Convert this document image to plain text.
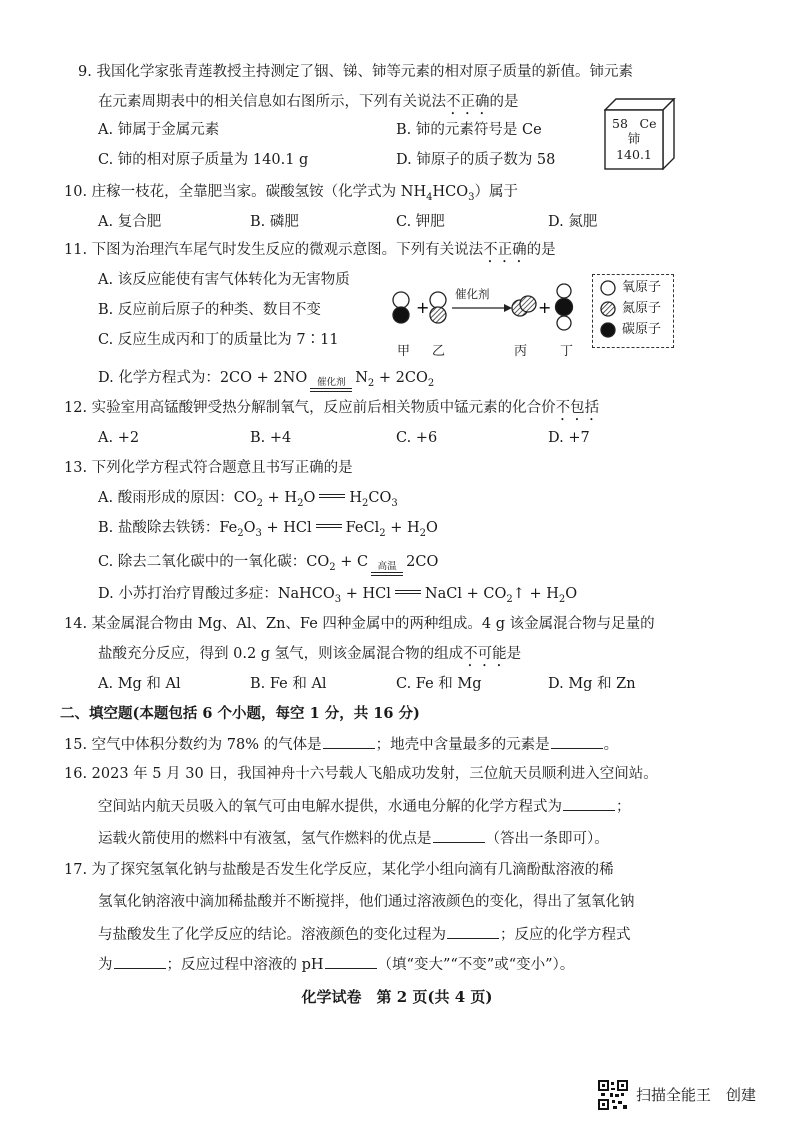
9. 我国化学家张青莲教授主持测定了铟、锑、铈等元素的相对原子质量的新值。铈元素
在元素周期表中的相关信息如右图所示，下列有关说法不正确的是
A. 铈属于金属元素	B. 铈的元素符号是 Ce
C. 铈的相对原子质量为 140.1 g	D. 铈原子的质子数为 58
58 Ce
铈
140.1
10. 庄稼一枝花，全靠肥当家。碳酸氢铵（化学式为 $NH_4HCO_3$）属于
A. 复合肥	B. 磷肥	C. 钾肥	D. 氮肥
11. 下图为治理汽车尾气时发生反应的微观示意图。下列有关说法不正确的是
A. 该反应能使有害气体转化为无害物质
B. 反应前后原子的种类、数目不变
C. 反应生成丙和丁的质量比为 7∶11
D. 化学方程式为：2CO + 2NO 催化剂 $N_2 + 2CO_2$
+	+
催化剂
甲 乙	丙	丁
氧原子
氮原子
碳原子
12. 实验室用高锰酸钾受热分解制氧气，反应前后相关物质中锰元素的化合价不包括
A. +2	B. +4	C. +6	D. +7
13. 下列化学方程式符合题意且书写正确的是
A. 酸雨形成的原因：$CO_2 + H_2O$ $H_2CO_3$
B. 盐酸除去铁锈：$Fe_2O_3$ + HCl FeCl$_2$ + $H_2O$
C. 除去二氧化碳中的一氧化碳：$CO_2 + C$ 高温 2CO
D. 小苏打治疗胃酸过多症：NaHCO$_3$ + HCl NaCl + $CO_2↑ + H_2O$
14. 某金属混合物由 Mg、Al、Zn、Fe 四种金属中的两种组成。4 g 该金属混合物与足量的
盐酸充分反应，得到 0.2 g 氢气，则该金属混合物的组成不可能是
A. Mg 和 Al	B. Fe 和 Al	C. Fe 和 Mg	D. Mg 和 Zn
二、填空题(本题包括 6 个小题，每空 1 分，共 16 分)
15. 空气中体积分数约为 78% 的气体是	；地壳中含量最多的元素是	。
16. 2023 年 5 月 30 日，我国神舟十六号载人飞船成功发射，三位航天员顺利进入空间站。
空间站内航天员吸入的氧气可由电解水提供，水通电分解的化学方程式为	；
运载火箭使用的燃料中有液氢，氢气作燃料的优点是	（答出一条即可）。
17. 为了探究氢氧化钠与盐酸是否发生化学反应，某化学小组向滴有几滴酚酞溶液的稀
氢氧化钠溶液中滴加稀盐酸并不断搅拌，他们通过溶液颜色的变化，得出了氢氧化钠
与盐酸发生了化学反应的结论。溶液颜色的变化过程为	；反应的化学方程式
为	；反应过程中溶液的 pH	（填“变大”“不变”或“变小”）。
化学试卷　第 2 页(共 4 页)
扫描全能王　创建
